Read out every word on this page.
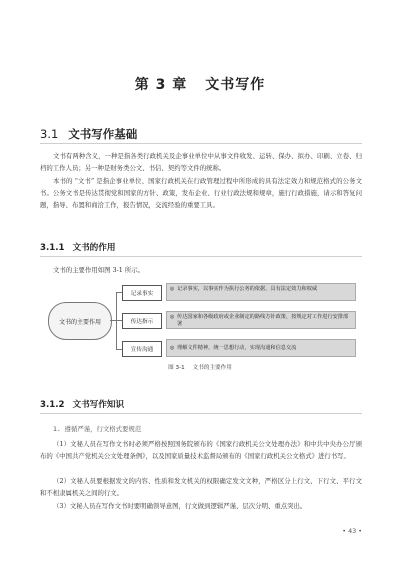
第 3 章 文书写作
3.1 文书写作基础
文书有两种含义，一种是指各类行政机关及企事业单位中从事文件收发、运转、保办、拟办、印刷、立卷、归档的工作人员；另一种是财务类公文、书信、契约等文件的统称。
本书的 “文书” 是指企事业单位、国家行政机关在行政管理过程中所形成的具有法定效力和规范格式的公务文书。公务文书是传达贯彻党和国家的方针、政策，发布企业、行业行政法规和规章，施行行政措施，请示和答复问题，指导、布置和商洽工作，报告情况，交流经验的重要工具。
3.1.1 文书的作用
文书的主要作用如图 3-1 所示。
文书的主要作用
记录事实
◎ 记录事实，以事实作为执行公务的依据，具有法定效力和权威
传达指示
◎ 传达国家和各级政府或企业制定的路线方针政策，按规定对工作进行安排部署
宣传沟通	◎ 理解文件精神，统一思想行动，实现沟通和信息交流
图 3-1 文书的主要作用
3.1.2 文书写作知识
1. 遵循严谨，行文格式要规范
（1）文秘人员在写作文书时必须严格按照国务院颁布的《国家行政机关公文处理办法》和中共中央办公厅颁布的《中国共产党机关公文处理条例》，以及国家质量技术监督局颁布的《国家行政机关公文格式》进行书写。
（2）文秘人员要根据发文的内容、性质和发文机关的权限确定发文文种，严格区分上行文、下行文、平行文和不相隶属机关之间的行文。
（3）文秘人员在写作文书时要明确领导意图，行文做到逻辑严谨、层次分明、重点突出。
• 43 •
